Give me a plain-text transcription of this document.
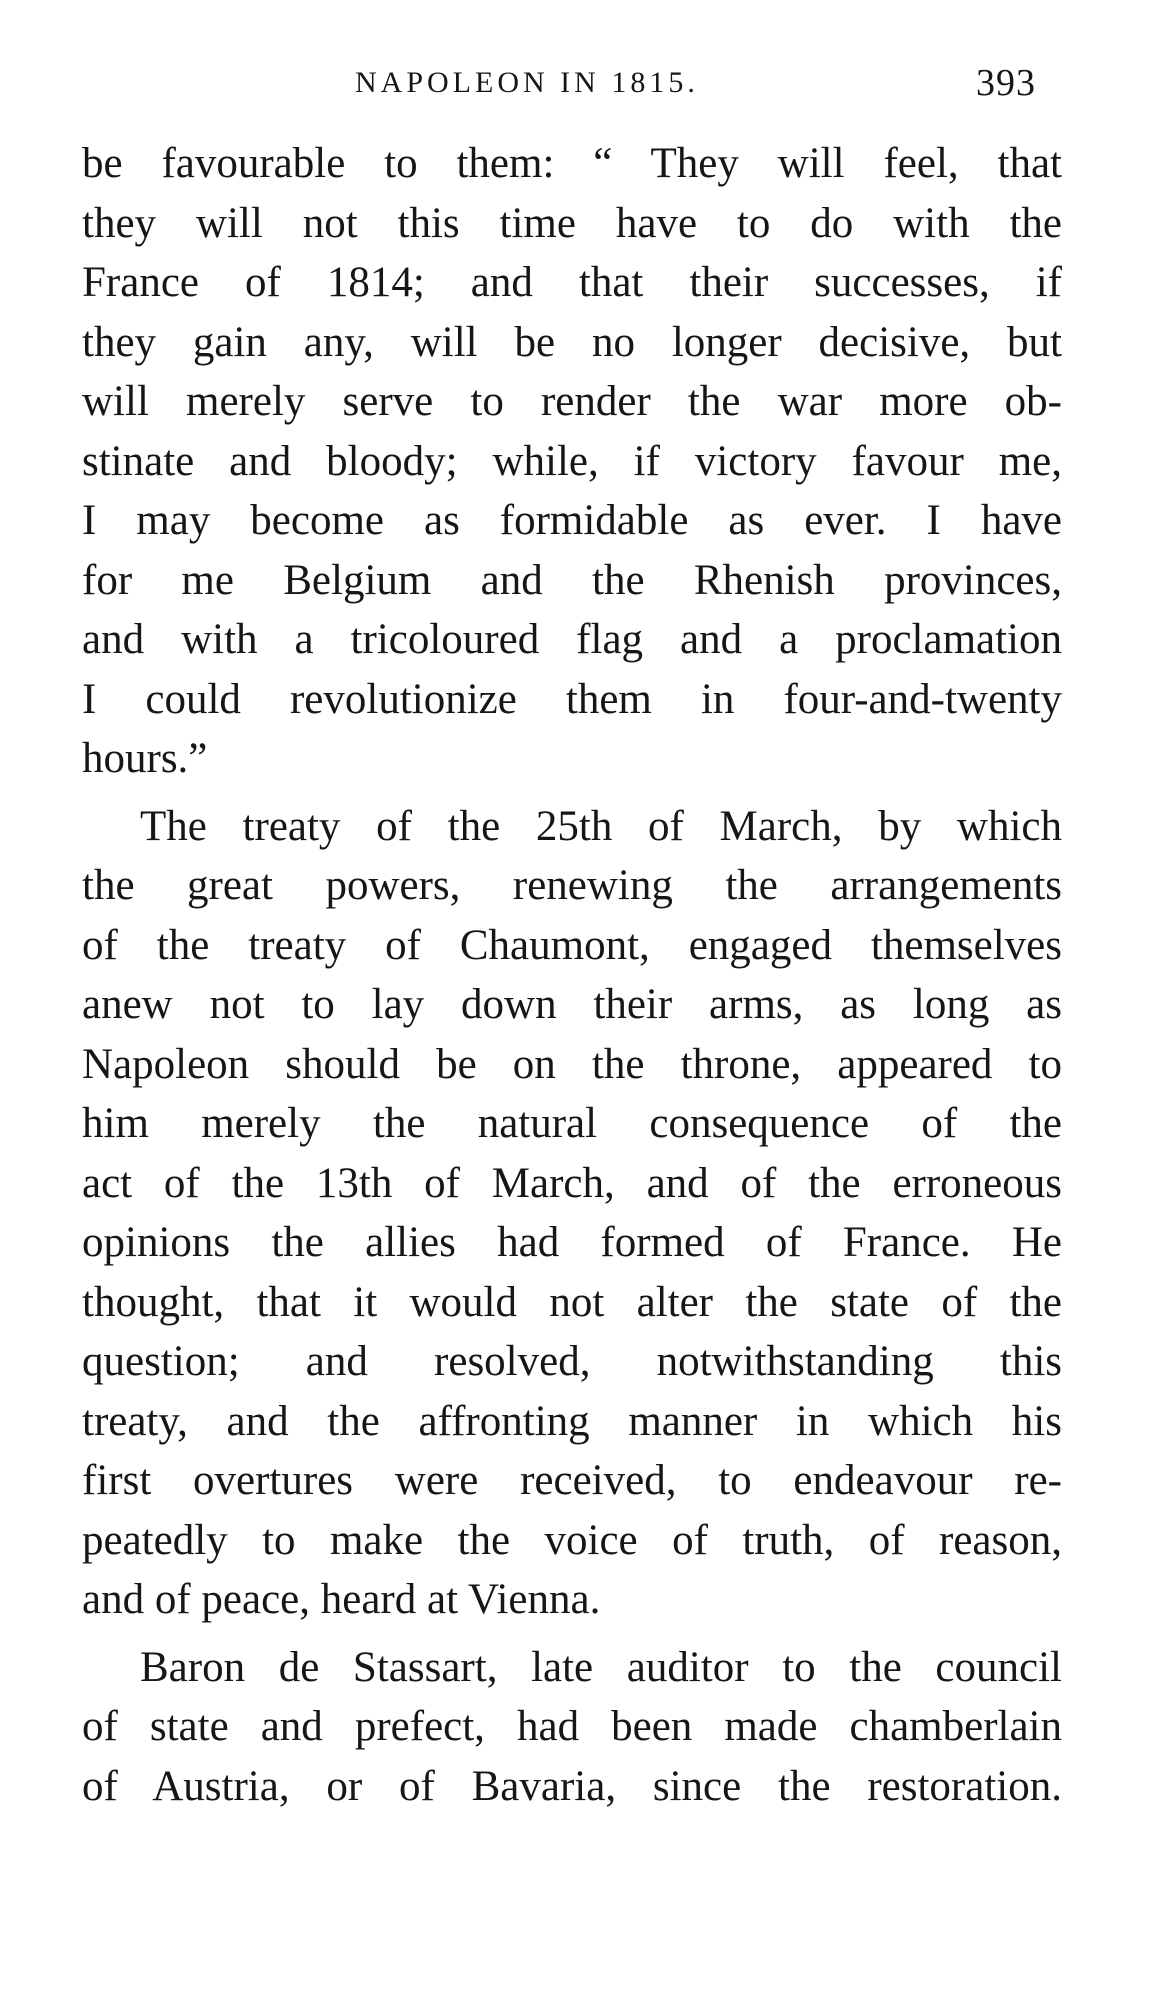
NAPOLEON IN 1815.	393
be favourable to them: “ They will feel, that
they will not this time have to do with the
France of 1814; and that their successes, if
they gain any, will be no longer decisive, but
will merely serve to render the war more ob-
stinate and bloody; while, if victory favour me,
I may become as formidable as ever. I have
for me Belgium and the Rhenish provinces,
and with a tricoloured flag and a proclamation
I could revolutionize them in four-and-twenty
hours.”
The treaty of the 25th of March, by which
the great powers, renewing the arrangements
of the treaty of Chaumont, engaged themselves
anew not to lay down their arms, as long as
Napoleon should be on the throne, appeared to
him merely the natural consequence of the
act of the 13th of March, and of the erroneous
opinions the allies had formed of France. He
thought, that it would not alter the state of the
question; and resolved, notwithstanding this
treaty, and the affronting manner in which his
first overtures were received, to endeavour re-
peatedly to make the voice of truth, of reason,
and of peace, heard at Vienna.
Baron de Stassart, late auditor to the council
of state and prefect, had been made chamberlain
of Austria, or of Bavaria, since the restoration.
